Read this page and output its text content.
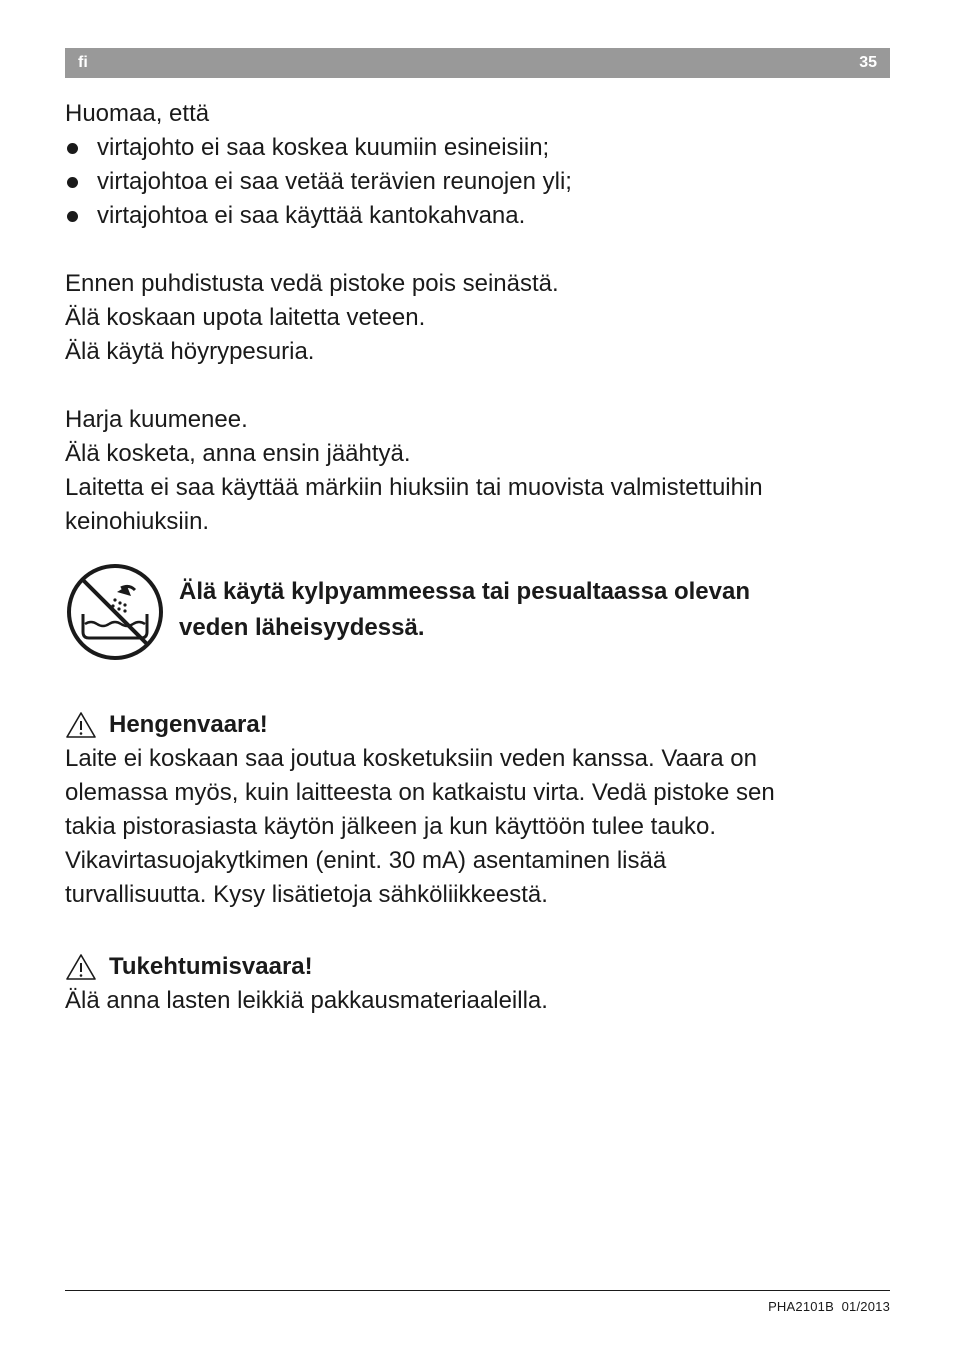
fi	35

Huomaa, että

virtajohto ei saa koskea kuumiin esineisiin;
virtajohtoa ei saa vetää terävien reunojen yli;
virtajohtoa ei saa käyttää kantokahvana.
Ennen puhdistusta vedä pistoke pois seinästä.
Älä koskaan upota laitetta veteen.
Älä käytä höyrypesuria.
Harja kuumenee.
Älä kosketa, anna ensin jäähtyä.
Laitetta ei saa käyttää märkiin hiuksiin tai muovista valmistettuihin
keinohiuksiin.
Älä käytä kylpyammeessa tai pesualtaassa olevan
veden läheisyydessä.
Hengenvaara!
Laite ei koskaan saa joutua kosketuksiin veden kanssa. Vaara on
olemassa myös, kuin laitteesta on katkaistu virta. Vedä pistoke sen
takia pistorasiasta käytön jälkeen ja kun käyttöön tulee tauko.
Vikavirtasuojakytkimen (enint. 30 mA) asentaminen lisää
turvallisuutta. Kysy lisätietoja sähköliikkeestä.
Tukehtumisvaara!
Älä anna lasten leikkiä pakkausmateriaaleilla.
PHA2101B  01/2013
